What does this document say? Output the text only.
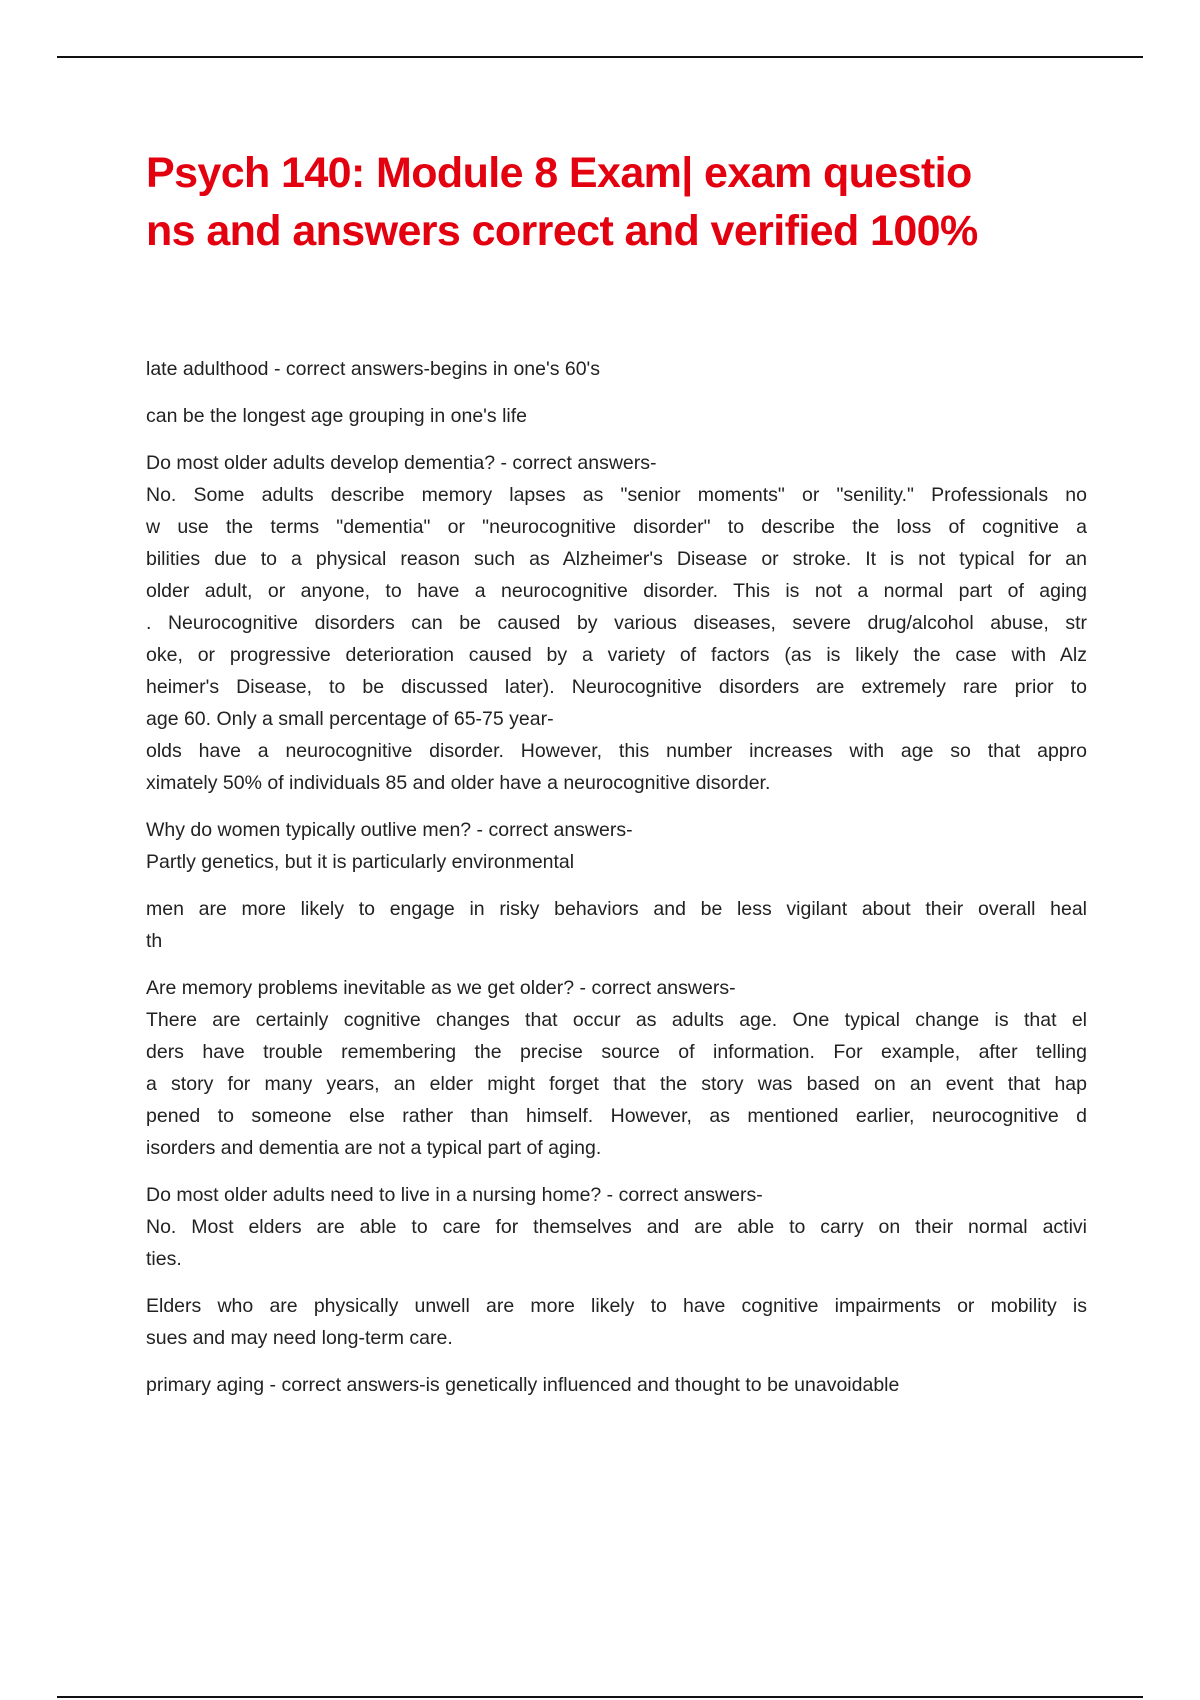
Psych 140: Module 8 Exam| exam questio
ns and answers correct and verified 100%
late adulthood - correct answers-begins in one's 60's
can be the longest age grouping in one's life
Do most older adults develop dementia? - correct answers-
No. Some adults describe memory lapses as "senior moments" or "senility." Professionals no
w use the terms "dementia" or "neurocognitive disorder" to describe the loss of cognitive a
bilities due to a physical reason such as Alzheimer's Disease or stroke. It is not typical for an
older adult, or anyone, to have a neurocognitive disorder. This is not a normal part of aging
. Neurocognitive disorders can be caused by various diseases, severe drug/alcohol abuse, str
oke, or progressive deterioration caused by a variety of factors (as is likely the case with Alz
heimer's Disease, to be discussed later). Neurocognitive disorders are extremely rare prior to
age 60. Only a small percentage of 65-75 year-
olds have a neurocognitive disorder. However, this number increases with age so that appro
ximately 50% of individuals 85 and older have a neurocognitive disorder.
Why do women typically outlive men? - correct answers-
Partly genetics, but it is particularly environmental
men are more likely to engage in risky behaviors and be less vigilant about their overall heal
th
Are memory problems inevitable as we get older? - correct answers-
There are certainly cognitive changes that occur as adults age. One typical change is that el
ders have trouble remembering the precise source of information. For example, after telling
a story for many years, an elder might forget that the story was based on an event that hap
pened to someone else rather than himself. However, as mentioned earlier, neurocognitive d
isorders and dementia are not a typical part of aging.
Do most older adults need to live in a nursing home? - correct answers-
No. Most elders are able to care for themselves and are able to carry on their normal activi
ties.
Elders who are physically unwell are more likely to have cognitive impairments or mobility is
sues and may need long-term care.
primary aging - correct answers-is genetically influenced and thought to be unavoidable
